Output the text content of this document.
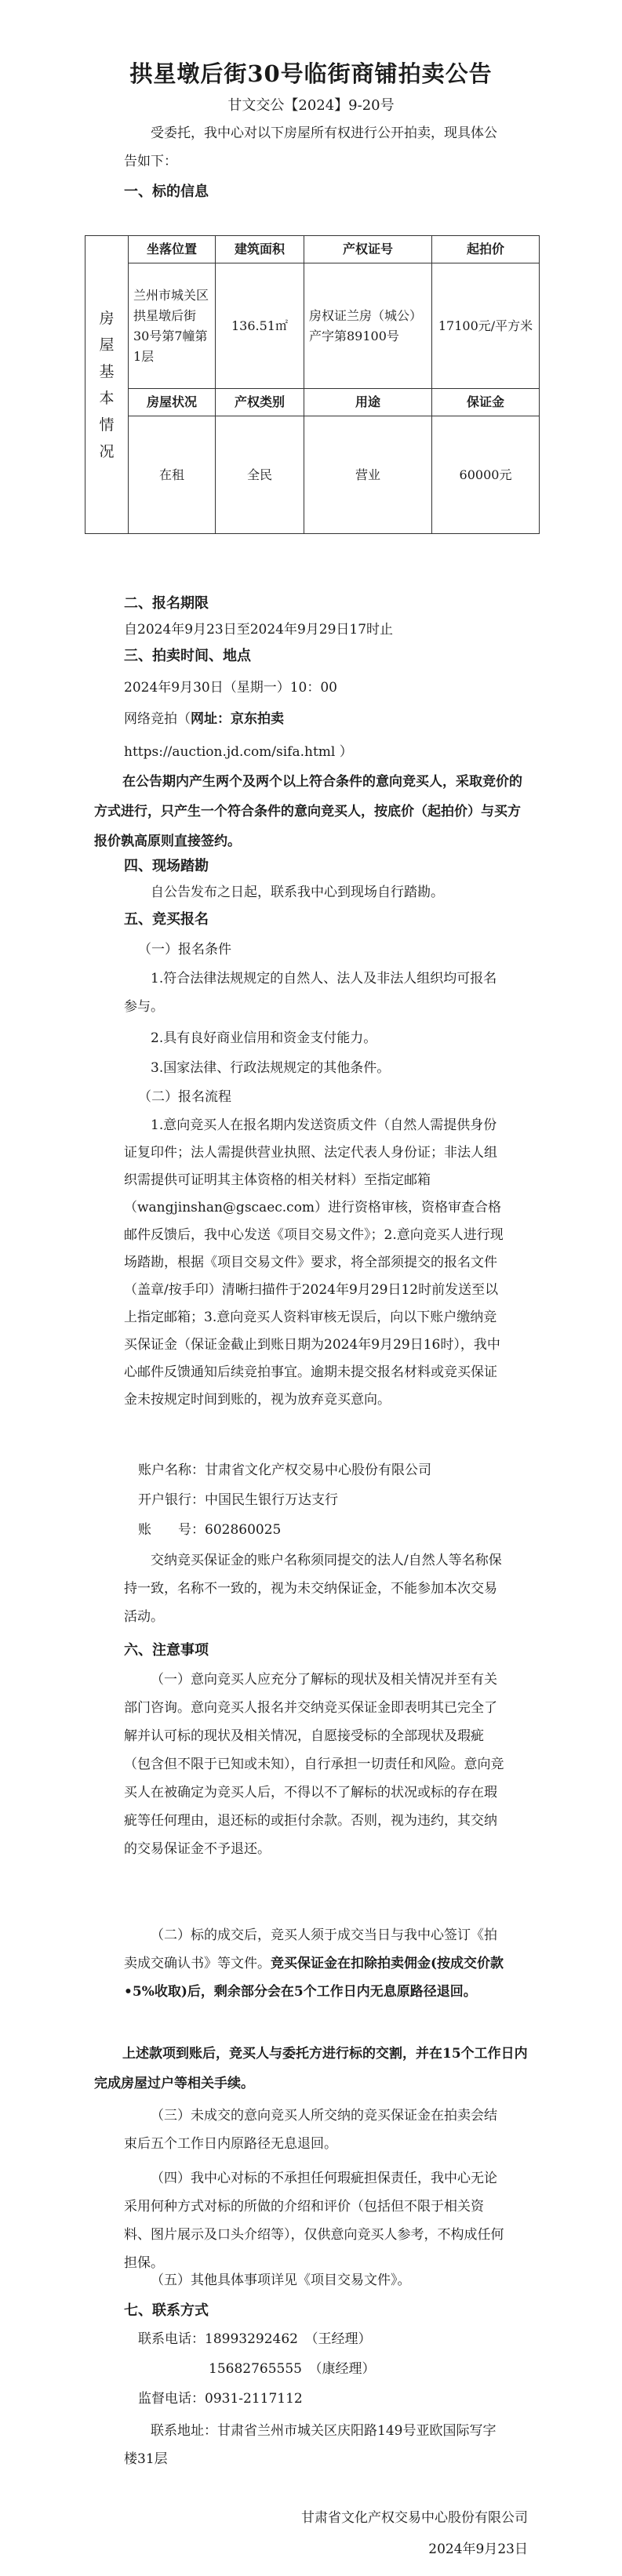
拱星墩后街30号临街商铺拍卖公告
甘文交公【2024】9-20号

受委托，我中心对以下房屋所有权进行公开拍卖，现具体公告如下：

一、标的信息

房屋基本情况	坐落位置	建筑面积	产权证号	起拍价
	兰州市城关区拱星墩后街30号第7幢第1层	136.51㎡	房权证兰房（城公）产字第89100号	17100元/平方米
	房屋状况	产权类别	用途	保证金
	在租	全民	营业	60000元

二、报名期限

自2024年9月23日至2024年9月29日17时止

三、拍卖时间、地点

2024年9月30日（星期一）10：00
网络竞拍（网址：京东拍卖
https://auction.jd.com/sifa.html ）

在公告期内产生两个及两个以上符合条件的意向竞买人，采取竞价的方式进行，只产生一个符合条件的意向竞买人，按底价（起拍价）与买方报价孰高原则直接签约。

四、现场踏勘

自公告发布之日起，联系我中心到现场自行踏勘。

五、竞买报名

（一）报名条件

1.符合法律法规规定的自然人、法人及非法人组织均可报名参与。

2.具有良好商业信用和资金支付能力。

3.国家法律、行政法规规定的其他条件。

（二）报名流程

1.意向竞买人在报名期内发送资质文件（自然人需提供身份证复印件；法人需提供营业执照、法定代表人身份证；非法人组织需提供可证明其主体资格的相关材料）至指定邮箱（wangjinshan@gscaec.com）进行资格审核，资格审查合格邮件反馈后，我中心发送《项目交易文件》；2.意向竞买人进行现场踏勘，根据《项目交易文件》要求，将全部须提交的报名文件（盖章/按手印）清晰扫描件于2024年9月29日12时前发送至以上指定邮箱；3.意向竞买人资料审核无误后，向以下账户缴纳竞买保证金（保证金截止到账日期为2024年9月29日16时），我中心邮件反馈通知后续竞拍事宜。逾期未提交报名材料或竞买保证金未按规定时间到账的，视为放弃竞买意向。

账户名称：甘肃省文化产权交易中心股份有限公司
开户银行：中国民生银行万达支行
账　　号：602860025

交纳竞买保证金的账户名称须同提交的法人/自然人等名称保持一致，名称不一致的，视为未交纳保证金，不能参加本次交易活动。

六、注意事项

（一）意向竞买人应充分了解标的现状及相关情况并至有关部门咨询。意向竞买人报名并交纳竞买保证金即表明其已完全了解并认可标的现状及相关情况，自愿接受标的全部现状及瑕疵（包含但不限于已知或未知），自行承担一切责任和风险。意向竞买人在被确定为竞买人后，不得以不了解标的状况或标的存在瑕疵等任何理由，退还标的或拒付余款。否则，视为违约，其交纳的交易保证金不予退还。

（二）标的成交后，竞买人须于成交当日与我中心签订《拍卖成交确认书》等文件。竞买保证金在扣除拍卖佣金(按成交价款•5%收取)后，剩余部分会在5个工作日内无息原路径退回。

上述款项到账后，竞买人与委托方进行标的交割，并在15个工作日内完成房屋过户等相关手续。

（三）未成交的意向竞买人所交纳的竞买保证金在拍卖会结束后五个工作日内原路径无息退回。

（四）我中心对标的不承担任何瑕疵担保责任，我中心无论采用何种方式对标的所做的介绍和评价（包括但不限于相关资料、图片展示及口头介绍等），仅供意向竞买人参考，不构成任何担保。

（五）其他具体事项详见《项目交易文件》。

七、联系方式

联系电话：18993292462　（王经理）
15682765555　（康经理）
监督电话：0931-2117112

联系地址：甘肃省兰州市城关区庆阳路149号亚欧国际写字楼31层

甘肃省文化产权交易中心股份有限公司
2024年9月23日
